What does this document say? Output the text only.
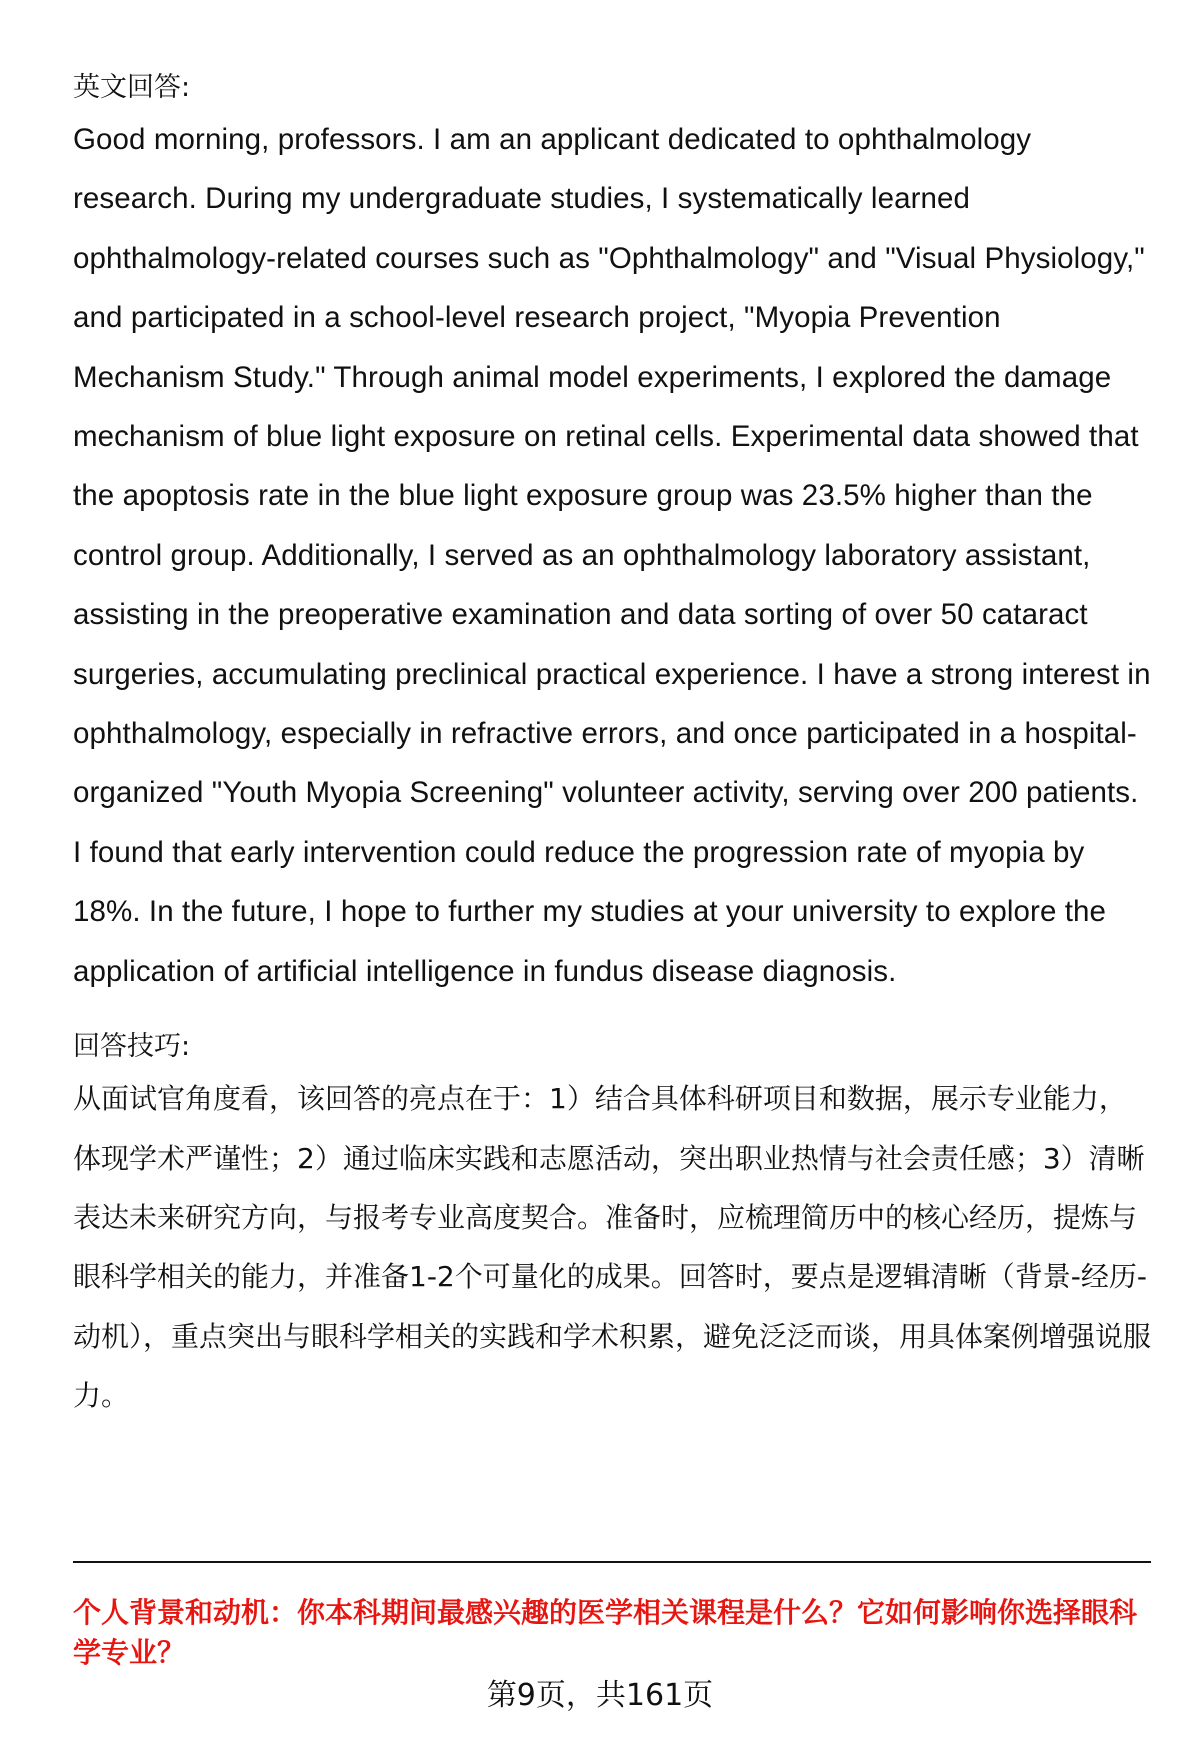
英文回答:

Good morning, professors. I am an applicant dedicated to ophthalmology research. During my undergraduate studies, I systematically learned ophthalmology-related courses such as "Ophthalmology" and "Visual Physiology," and participated in a school-level research project, "Myopia Prevention Mechanism Study." Through animal model experiments, I explored the damage mechanism of blue light exposure on retinal cells. Experimental data showed that the apoptosis rate in the blue light exposure group was 23.5% higher than the control group. Additionally, I served as an ophthalmology laboratory assistant, assisting in the preoperative examination and data sorting of over 50 cataract surgeries, accumulating preclinical practical experience. I have a strong interest in ophthalmology, especially in refractive errors, and once participated in a hospital-organized "Youth Myopia Screening" volunteer activity, serving over 200 patients. I found that early intervention could reduce the progression rate of myopia by 18%. In the future, I hope to further my studies at your university to explore the application of artificial intelligence in fundus disease diagnosis.

回答技巧:

从面试官角度看，该回答的亮点在于：1）结合具体科研项目和数据，展示专业能力，体现学术严谨性；2）通过临床实践和志愿活动，突出职业热情与社会责任感；3）清晰表达未来研究方向，与报考专业高度契合。准备时，应梳理简历中的核心经历，提炼与眼科学相关的能力，并准备1-2个可量化的成果。回答时，要点是逻辑清晰（背景-经历-动机），重点突出与眼科学相关的实践和学术积累，避免泛泛而谈，用具体案例增强说服力。

个人背景和动机：你本科期间最感兴趣的医学相关课程是什么？它如何影响你选择眼科学专业？
第9页，共161页
